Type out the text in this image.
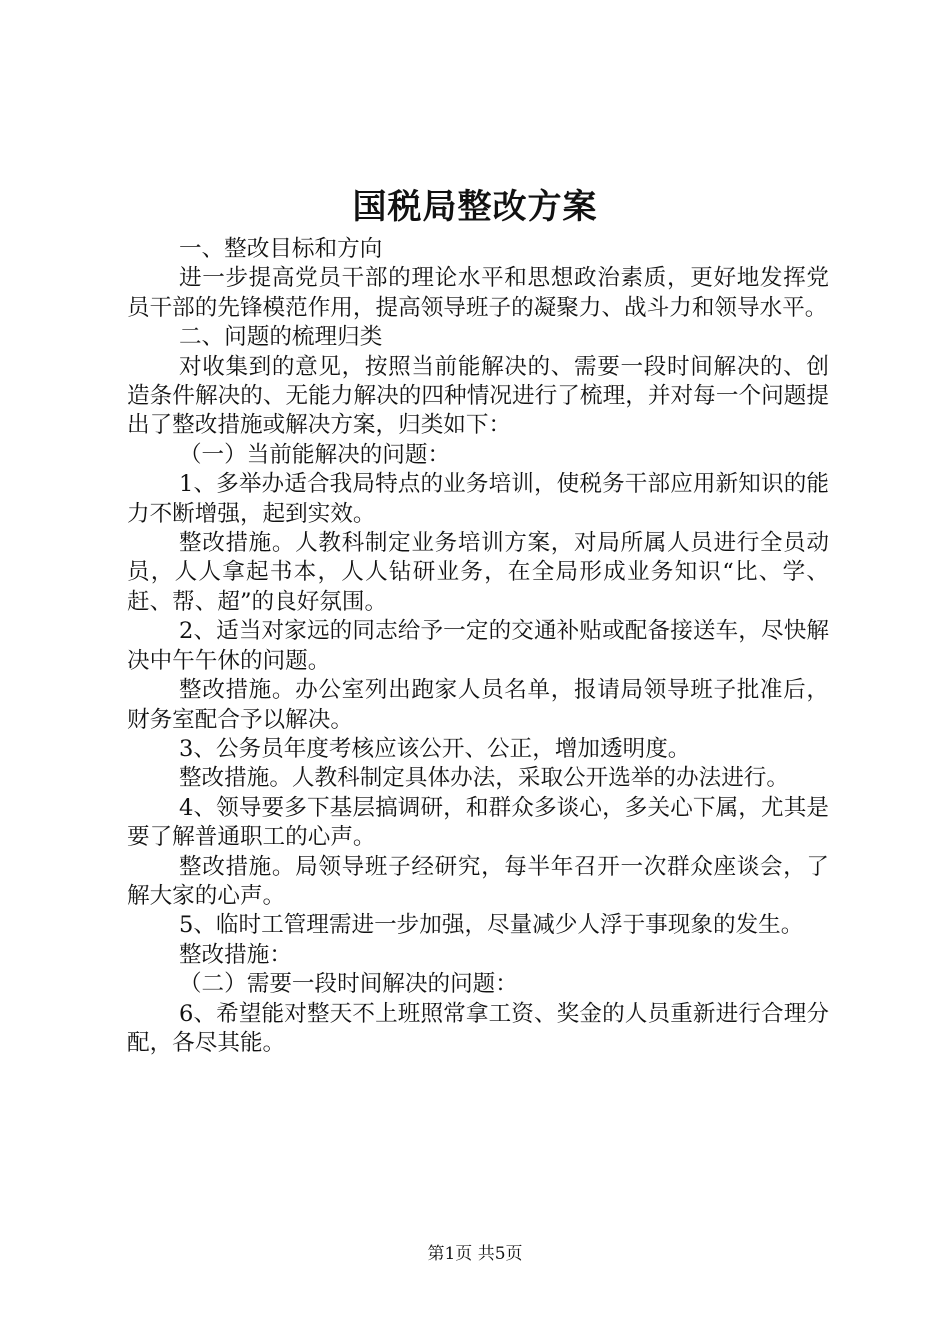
国税局整改方案

一、整改目标和方向

进一步提高党员干部的理论水平和思想政治素质，更好地发挥党员干部的先锋模范作用，提高领导班子的凝聚力、战斗力和领导水平。

二、问题的梳理归类

对收集到的意见，按照当前能解决的、需要一段时间解决的、创造条件解决的、无能力解决的四种情况进行了梳理，并对每一个问题提出了整改措施或解决方案，归类如下：

（一）当前能解决的问题：

1、多举办适合我局特点的业务培训，使税务干部应用新知识的能力不断增强，起到实效。

整改措施。人教科制定业务培训方案，对局所属人员进行全员动员，人人拿起书本，人人钻研业务，在全局形成业务知识“比、学、赶、帮、超”的良好氛围。

2、适当对家远的同志给予一定的交通补贴或配备接送车，尽快解决中午午休的问题。

整改措施。办公室列出跑家人员名单，报请局领导班子批准后，财务室配合予以解决。

3、公务员年度考核应该公开、公正，增加透明度。

整改措施。人教科制定具体办法，采取公开选举的办法进行。

4、领导要多下基层搞调研，和群众多谈心，多关心下属，尤其是要了解普通职工的心声。

整改措施。局领导班子经研究，每半年召开一次群众座谈会，了解大家的心声。

5、临时工管理需进一步加强，尽量减少人浮于事现象的发生。

整改措施：

（二）需要一段时间解决的问题：

6、希望能对整天不上班照常拿工资、奖金的人员重新进行合理分配，各尽其能。

第1页 共5页
